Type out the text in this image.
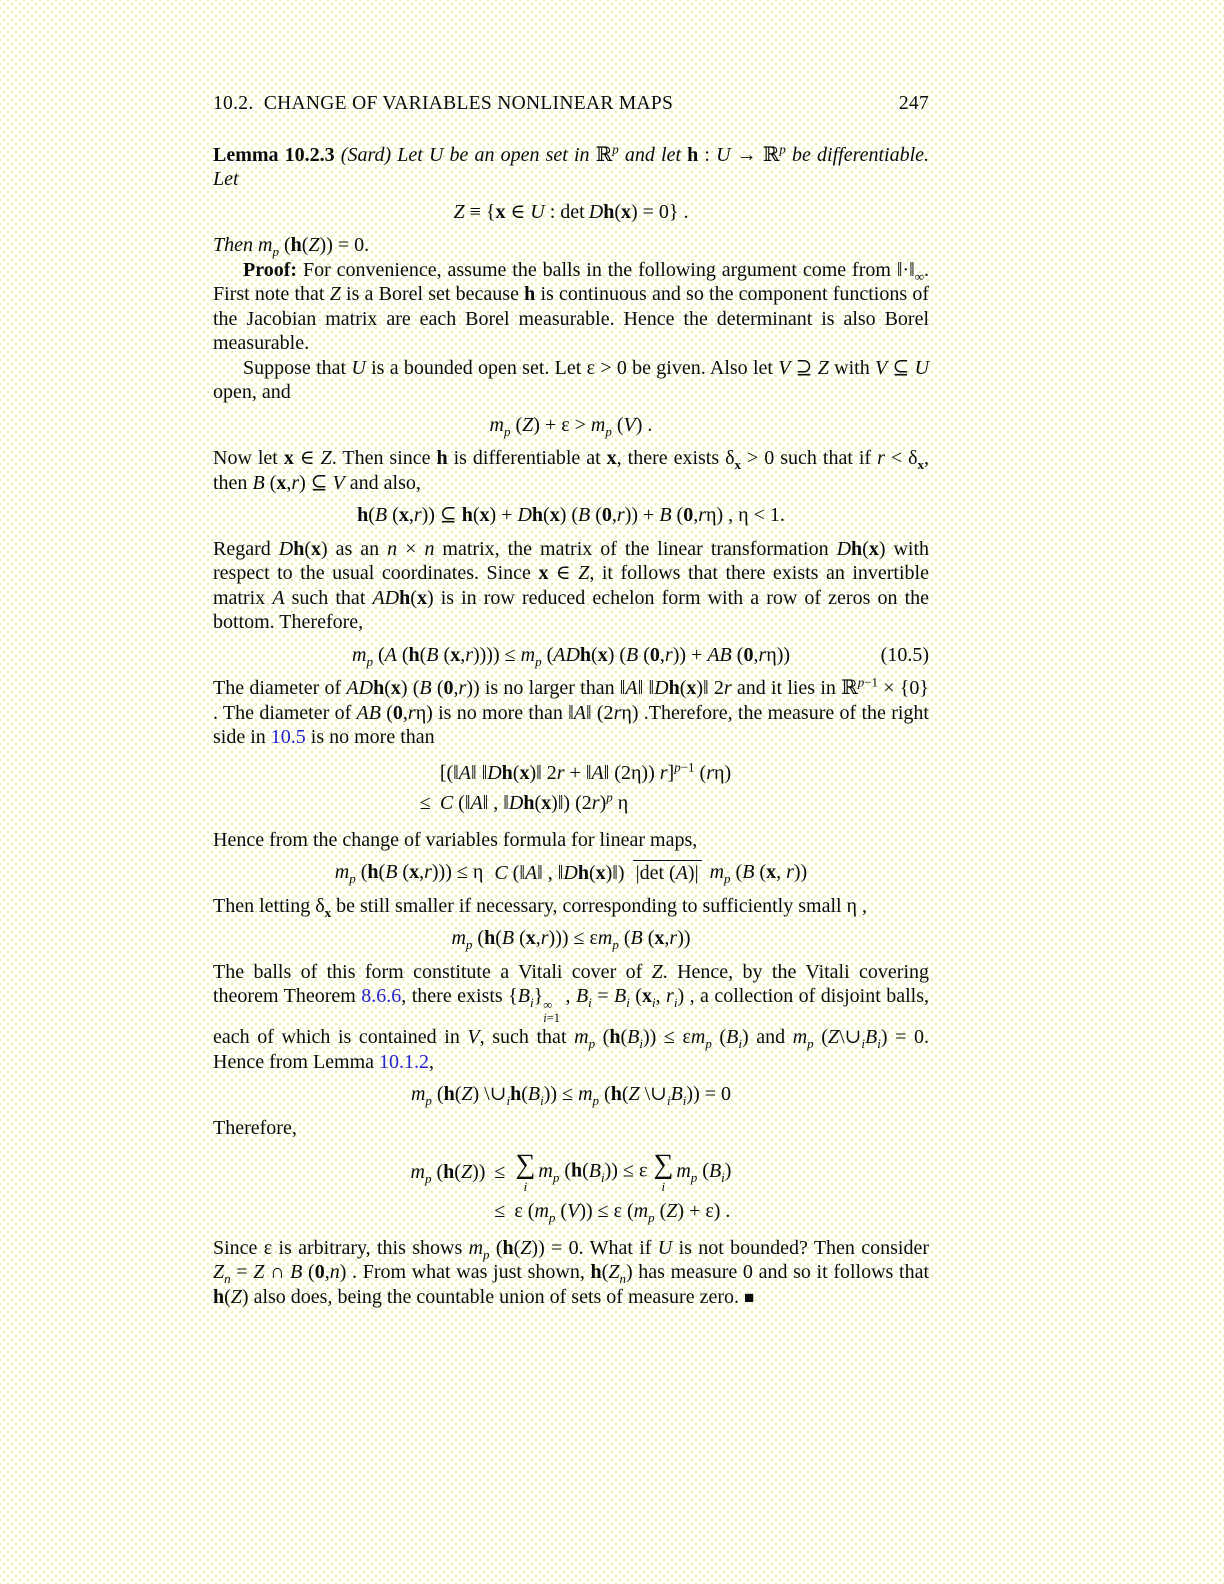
10.2.  CHANGE OF VARIABLES NONLINEAR MAPS	247

Lemma 10.2.3 (Sard) Let U be an open set in ℝ$^p$ and let h : U → ℝ$^p$ be differentiable. Let

Z ≡ {x ∈ U : det Dh(x) = 0} .

Then $m_p$ (h(Z)) = 0.

Proof: For convenience, assume the balls in the following argument come from $‖\cdot‖_\infty$. First note that Z is a Borel set because h is continuous and so the component functions of the Jacobian matrix are each Borel measurable. Hence the determinant is also Borel measurable.

Suppose that U is a bounded open set. Let ε > 0 be given. Also let V ⊇ Z with V ⊆ U open, and

$m_p$ $(Z) + \varepsilon > m_p$ (V) .

Now let x ∈ Z. Then since h is differentiable at x, there exists $\delta_x > 0$ such that if $r < \delta_x$, then B (x,r) ⊆ V and also,

h(B (x,r)) ⊆ h(x) + Dh(x) (B (0,r)) + B (0,rη) , η < 1.

Regard Dh(x) as an n × n matrix, the matrix of the linear transformation Dh(x) with respect to the usual coordinates. Since x ∈ Z, it follows that there exists an invertible matrix A such that ADh(x) is in row reduced echelon form with a row of zeros on the bottom. Therefore,

$m_p$ (A (h(B $(x,r)))) \le m_p$ (ADh(x) (B (0,r)) + AB (0,rη))	(10.5)

The diameter of ADh(x) (B (0,r)) is no larger than ‖A‖ ‖Dh(x)‖ 2r and it lies in ℝ$^{p-1}$ × {0} . The diameter of AB (0,rη) is no more than ‖A‖ (2rη) .Therefore, the measure of the right side in 10.5 is no more than

	[(‖A‖ ‖Dh(x)‖ 2r + ‖A‖ (2η)) r]$^{p-1}$ (rη)
≤	C (‖A‖ , ‖Dh(x)‖) $(2r)^p$ η

Hence from the change of variables formula for linear maps,

$m_p$ (h(B (x,r))) ≤ η C (‖A‖ , ‖Dh(x)‖) |det (A)| $m_p$ (B (x, r))

Then letting $\delta_x$ be still smaller if necessary, corresponding to sufficiently small η ,

$m_p$ (h(B $(x,r))) \le \varepsilon m_p$ (B (x,r))

The balls of this form constitute a Vitali cover of Z. Hence, by the Vitali covering theorem Theorem 8.6.6, there exists $\{B_i\}$ ∞
i=1
, $B_i = B_i$ ($x_i$, $r_i$) , a collection of disjoint balls, each of which is contained in V, such that $m_p$ $(h(B_i)) \le \varepsilon m_p$ $(B_i)$ and $m_p$ $(Z\backslash\cup_iB_i) = 0$. Hence from Lemma 10.1.2,

$m_p$ (h(Z) $\backslash\cup_ih(B_i)) \le m_p$ (h(Z $\backslash\cup_iB_i)) = 0$

Therefore,

$m_p$ (h(Z))	≤	∑
i
$m_p$ $(h(B_i)) \le \varepsilon$ ∑
i
$m_p$ $(B_i)$
	≤	ε ($m_p$ (V)) ≤ ε ($m_p$ (Z) + ε) .

Since ε is arbitrary, this shows $m_p$ (h(Z)) = 0. What if U is not bounded? Then consider $Z_n = Z$ ∩ B (0,n) . From what was just shown, $h(Z_n)$ has measure 0 and so it follows that h(Z) also does, being the countable union of sets of measure zero. ■
